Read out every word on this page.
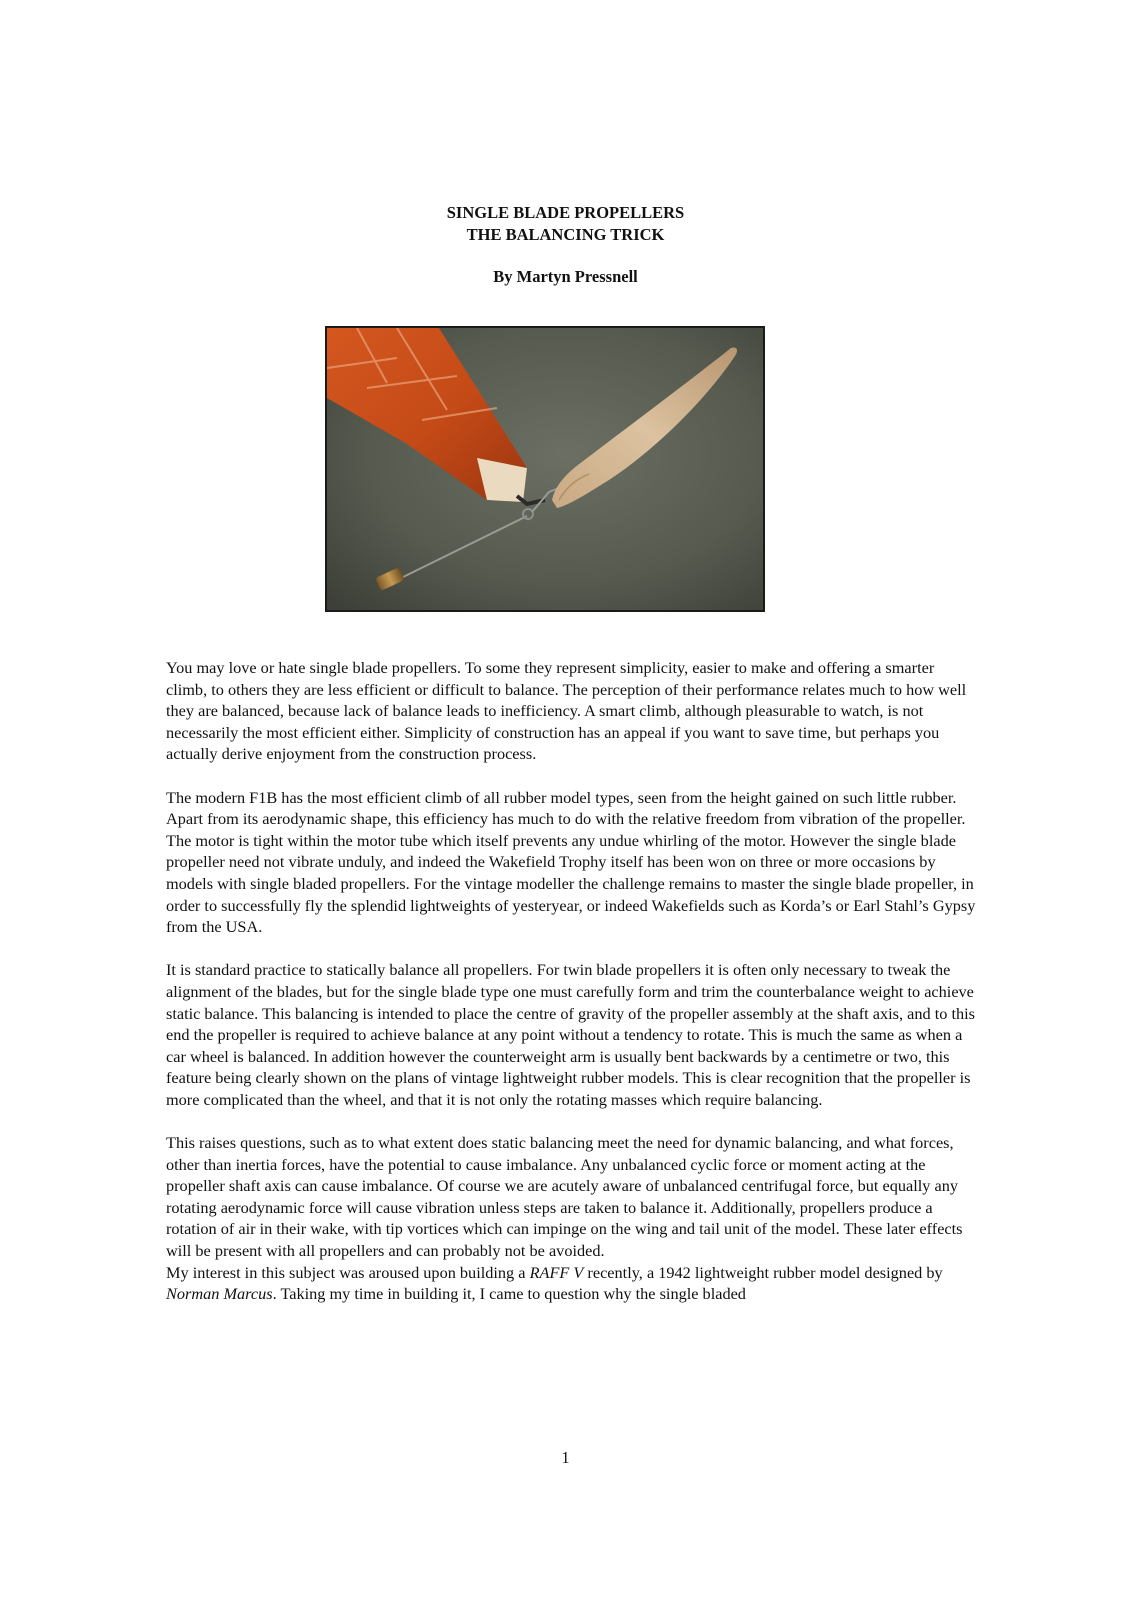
SINGLE BLADE PROPELLERS
THE BALANCING TRICK
By Martyn Pressnell

You may love or hate single blade propellers. To some they represent simplicity, easier to make and offering a smarter climb, to others they are less efficient or difficult to balance. The perception of their performance relates much to how well they are balanced, because lack of balance leads to inefficiency. A smart climb, although pleasurable to watch, is not necessarily the most efficient either. Simplicity of construction has an appeal if you want to save time, but perhaps you actually derive enjoyment from the construction process.

The modern F1B has the most efficient climb of all rubber model types, seen from the height gained on such little rubber. Apart from its aerodynamic shape, this efficiency has much to do with the relative freedom from vibration of the propeller. The motor is tight within the motor tube which itself prevents any undue whirling of the motor. However the single blade propeller need not vibrate unduly, and indeed the Wakefield Trophy itself has been won on three or more occasions by models with single bladed propellers. For the vintage modeller the challenge remains to master the single blade propeller, in order to successfully fly the splendid lightweights of yesteryear, or indeed Wakefields such as Korda’s or Earl Stahl’s Gypsy from the USA.

It is standard practice to statically balance all propellers. For twin blade propellers it is often only necessary to tweak the alignment of the blades, but for the single blade type one must carefully form and trim the counterbalance weight to achieve static balance. This balancing is intended to place the centre of gravity of the propeller assembly at the shaft axis, and to this end the propeller is required to achieve balance at any point without a tendency to rotate. This is much the same as when a car wheel is balanced. In addition however the counterweight arm is usually bent backwards by a centimetre or two, this feature being clearly shown on the plans of vintage lightweight rubber models. This is clear recognition that the propeller is more complicated than the wheel, and that it is not only the rotating masses which require balancing.

This raises questions, such as to what extent does static balancing meet the need for dynamic balancing, and what forces, other than inertia forces, have the potential to cause imbalance. Any unbalanced cyclic force or moment acting at the propeller shaft axis can cause imbalance. Of course we are acutely aware of unbalanced centrifugal force, but equally any rotating aerodynamic force will cause vibration unless steps are taken to balance it. Additionally, propellers produce a rotation of air in their wake, with tip vortices which can impinge on the wing and tail unit of the model. These later effects will be present with all propellers and can probably not be avoided.

My interest in this subject was aroused upon building a RAFF V recently, a 1942 lightweight rubber model designed by Norman Marcus. Taking my time in building it, I came to question why the single bladed

1
